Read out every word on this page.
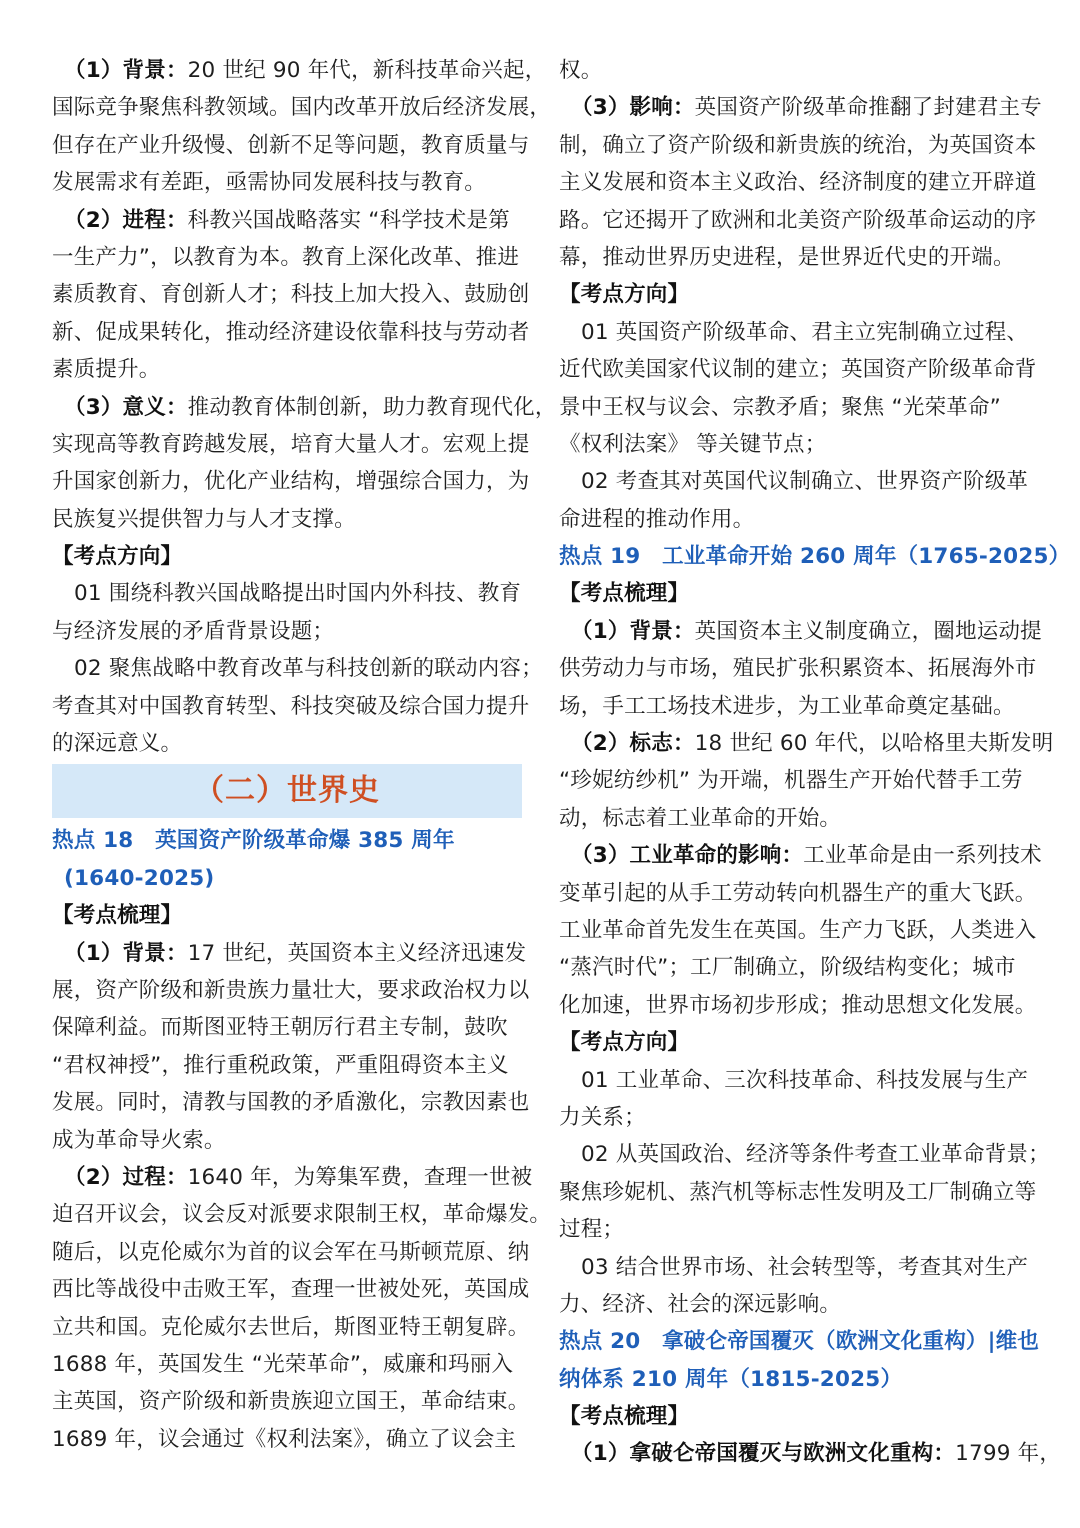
（1）背景：20 世纪 90 年代，新科技革命兴起，
国际竞争聚焦科教领域。国内改革开放后经济发展，
但存在产业升级慢、创新不足等问题，教育质量与
发展需求有差距，亟需协同发展科技与教育。
（2）进程：科教兴国战略落实 “科学技术是第
一生产力”，以教育为本。教育上深化改革、推进
素质教育、育创新人才；科技上加大投入、鼓励创
新、促成果转化，推动经济建设依靠科技与劳动者
素质提升。
（3）意义：推动教育体制创新，助力教育现代化，
实现高等教育跨越发展，培育大量人才。宏观上提
升国家创新力，优化产业结构，增强综合国力，为
民族复兴提供智力与人才支撑。
【考点方向】
01 围绕科教兴国战略提出时国内外科技、教育
与经济发展的矛盾背景设题；
02 聚焦战略中教育改革与科技创新的联动内容；
考查其对中国教育转型、科技突破及综合国力提升
的深远意义。
（二）世界史
热点 18　英国资产阶级革命爆 385 周年
(1640-2025)
【考点梳理】
（1）背景：17 世纪，英国资本主义经济迅速发
展，资产阶级和新贵族力量壮大，要求政治权力以
保障利益。而斯图亚特王朝厉行君主专制，鼓吹
“君权神授”，推行重税政策，严重阻碍资本主义
发展。同时，清教与国教的矛盾激化，宗教因素也
成为革命导火索。
（2）过程：1640 年，为筹集军费，查理一世被
迫召开议会，议会反对派要求限制王权，革命爆发。
随后，以克伦威尔为首的议会军在马斯顿荒原、纳
西比等战役中击败王军，查理一世被处死，英国成
立共和国。克伦威尔去世后，斯图亚特王朝复辟。
1688 年，英国发生 “光荣革命”，威廉和玛丽入
主英国，资产阶级和新贵族迎立国王，革命结束。
1689 年，议会通过《权利法案》，确立了议会主
权。
（3）影响：英国资产阶级革命推翻了封建君主专
制，确立了资产阶级和新贵族的统治，为英国资本
主义发展和资本主义政治、经济制度的建立开辟道
路。它还揭开了欧洲和北美资产阶级革命运动的序
幕，推动世界历史进程，是世界近代史的开端。
【考点方向】
01 英国资产阶级革命、君主立宪制确立过程、
近代欧美国家代议制的建立；英国资产阶级革命背
景中王权与议会、宗教矛盾；聚焦 “光荣革命”
《权利法案》 等关键节点；
02 考查其对英国代议制确立、世界资产阶级革
命进程的推动作用。
热点 19　工业革命开始 260 周年（1765-2025）
【考点梳理】
（1）背景：英国资本主义制度确立，圈地运动提
供劳动力与市场，殖民扩张积累资本、拓展海外市
场，手工工场技术进步，为工业革命奠定基础。
（2）标志：18 世纪 60 年代，以哈格里夫斯发明
“珍妮纺纱机” 为开端，机器生产开始代替手工劳
动，标志着工业革命的开始。
（3）工业革命的影响：工业革命是由一系列技术
变革引起的从手工劳动转向机器生产的重大飞跃。
工业革命首先发生在英国。生产力飞跃，人类进入
“蒸汽时代”；工厂制确立，阶级结构变化；城市
化加速，世界市场初步形成；推动思想文化发展。
【考点方向】
01 工业革命、三次科技革命、科技发展与生产
力关系；
02 从英国政治、经济等条件考查工业革命背景；
聚焦珍妮机、蒸汽机等标志性发明及工厂制确立等
过程；
03 结合世界市场、社会转型等，考查其对生产
力、经济、社会的深远影响。
热点 20　拿破仑帝国覆灭（欧洲文化重构）|维也
纳体系 210 周年（1815-2025）
【考点梳理】
（1）拿破仑帝国覆灭与欧洲文化重构：1799 年，
